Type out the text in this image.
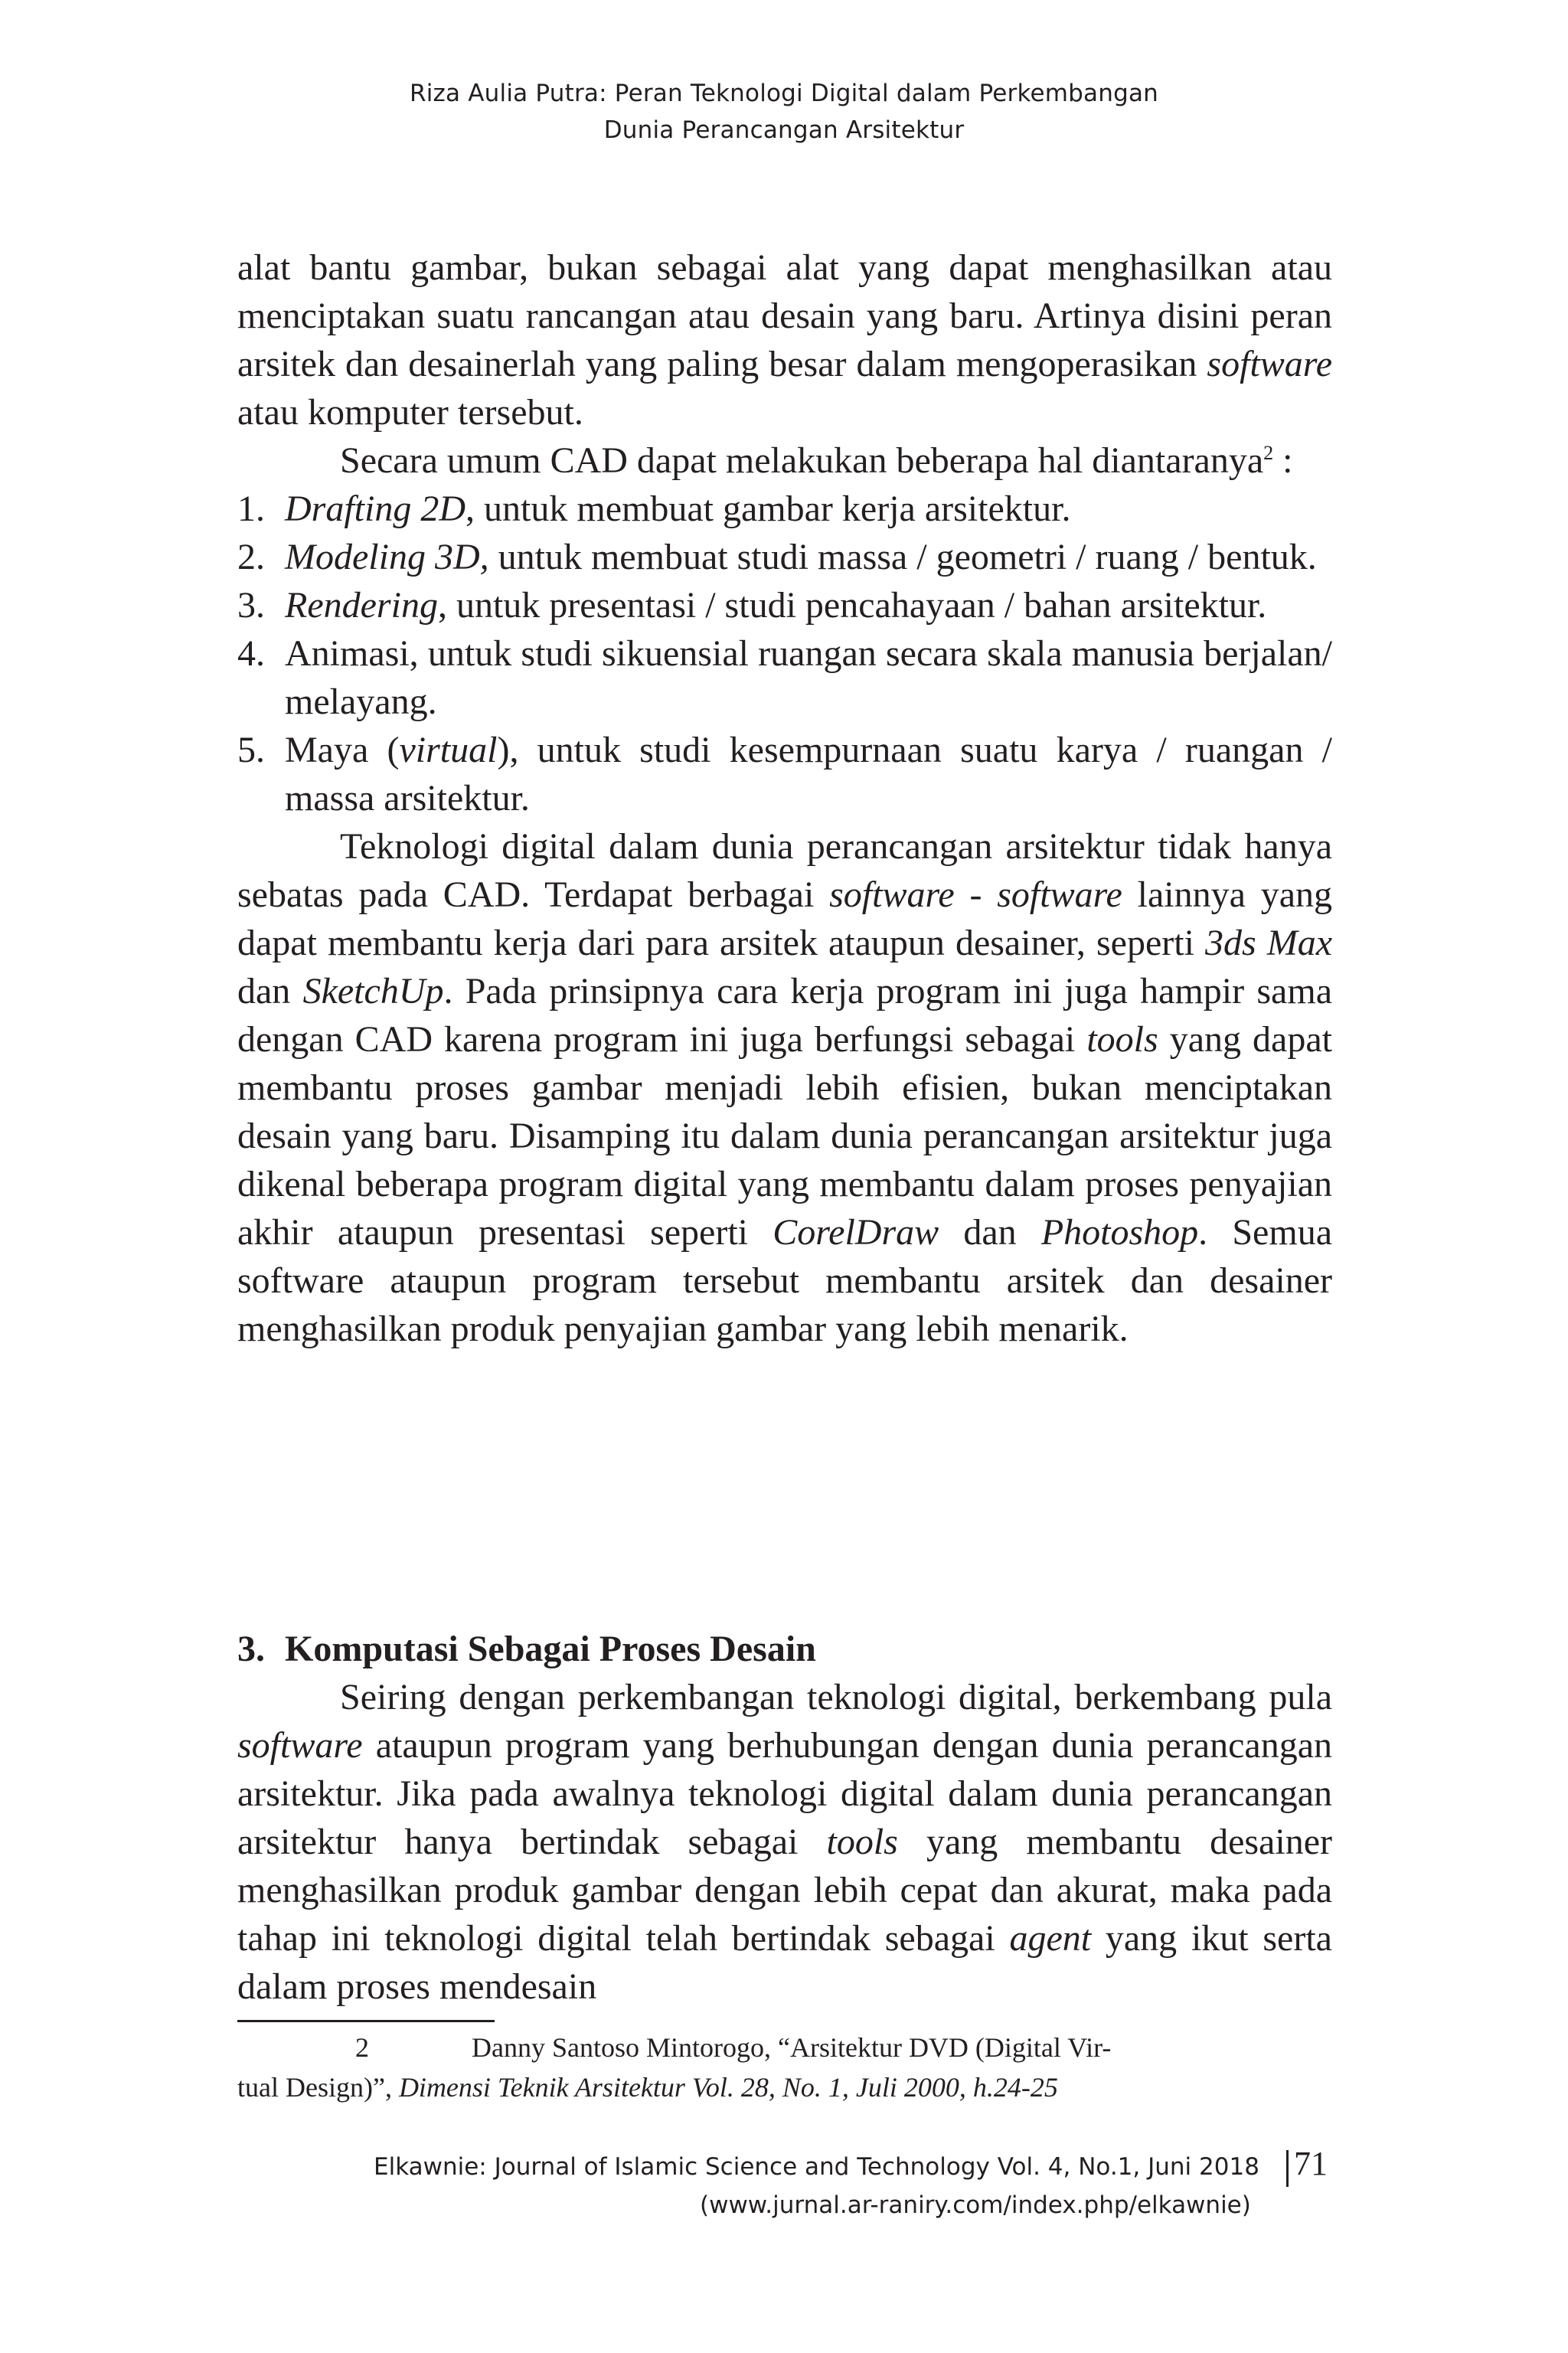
Riza Aulia Putra: Peran Teknologi Digital dalam Perkembangan
Dunia Perancangan Arsitektur

alat bantu gambar, bukan sebagai alat yang dapat menghasilkan atau menciptakan suatu rancangan atau desain yang baru. Artinya disini peran arsitek dan desainerlah yang paling besar dalam mengoperasikan software atau komputer tersebut.

Secara umum CAD dapat melakukan beberapa hal diantaranya$^2$ :

1. Drafting 2D, untuk membuat gambar kerja arsitektur.
2. Modeling 3D, untuk membuat studi massa / geometri / ruang / bentuk.
3. Rendering, untuk presentasi / studi pencahayaan / bahan arsitektur.
4. Animasi, untuk studi sikuensial ruangan secara skala manusia berjalan/ melayang.
5. Maya (virtual), untuk studi kesempurnaan suatu karya / ruangan / massa arsitektur.

Teknologi digital dalam dunia perancangan arsitektur tidak hanya sebatas pada CAD. Terdapat berbagai software - software lainnya yang dapat membantu kerja dari para arsitek ataupun desainer, seperti 3ds Max dan SketchUp. Pada prinsipnya cara kerja program ini juga hampir sama dengan CAD karena program ini juga berfungsi sebagai tools yang dapat membantu proses gambar menjadi lebih efisien, bukan menciptakan desain yang baru. Disamping itu dalam dunia perancangan arsitektur juga dikenal beberapa program digital yang membantu dalam proses penyajian akhir ataupun presentasi seperti CorelDraw dan Photoshop. Semua software ataupun program tersebut membantu arsitek dan desainer menghasilkan produk penyajian gambar yang lebih menarik.

3. Komputasi Sebagai Proses Desain

Seiring dengan perkembangan teknologi digital, berkembang pula software ataupun program yang berhubungan dengan dunia perancangan arsitektur. Jika pada awalnya teknologi digital dalam dunia perancangan arsitektur hanya bertindak sebagai tools yang membantu desainer menghasilkan produk gambar dengan lebih cepat dan akurat, maka pada tahap ini teknologi digital telah bertindak sebagai agent yang ikut serta dalam proses mendesain

2	Danny Santoso Mintorogo, “Arsitektur DVD (Digital Vir-
tual Design)”, Dimensi Teknik Arsitektur Vol. 28, No. 1, Juli 2000, h.24-25
Elkawnie: Journal of Islamic Science and Technology Vol. 4, No.1, Juni 2018
(www.jurnal.ar-raniry.com/index.php/elkawnie)
71
